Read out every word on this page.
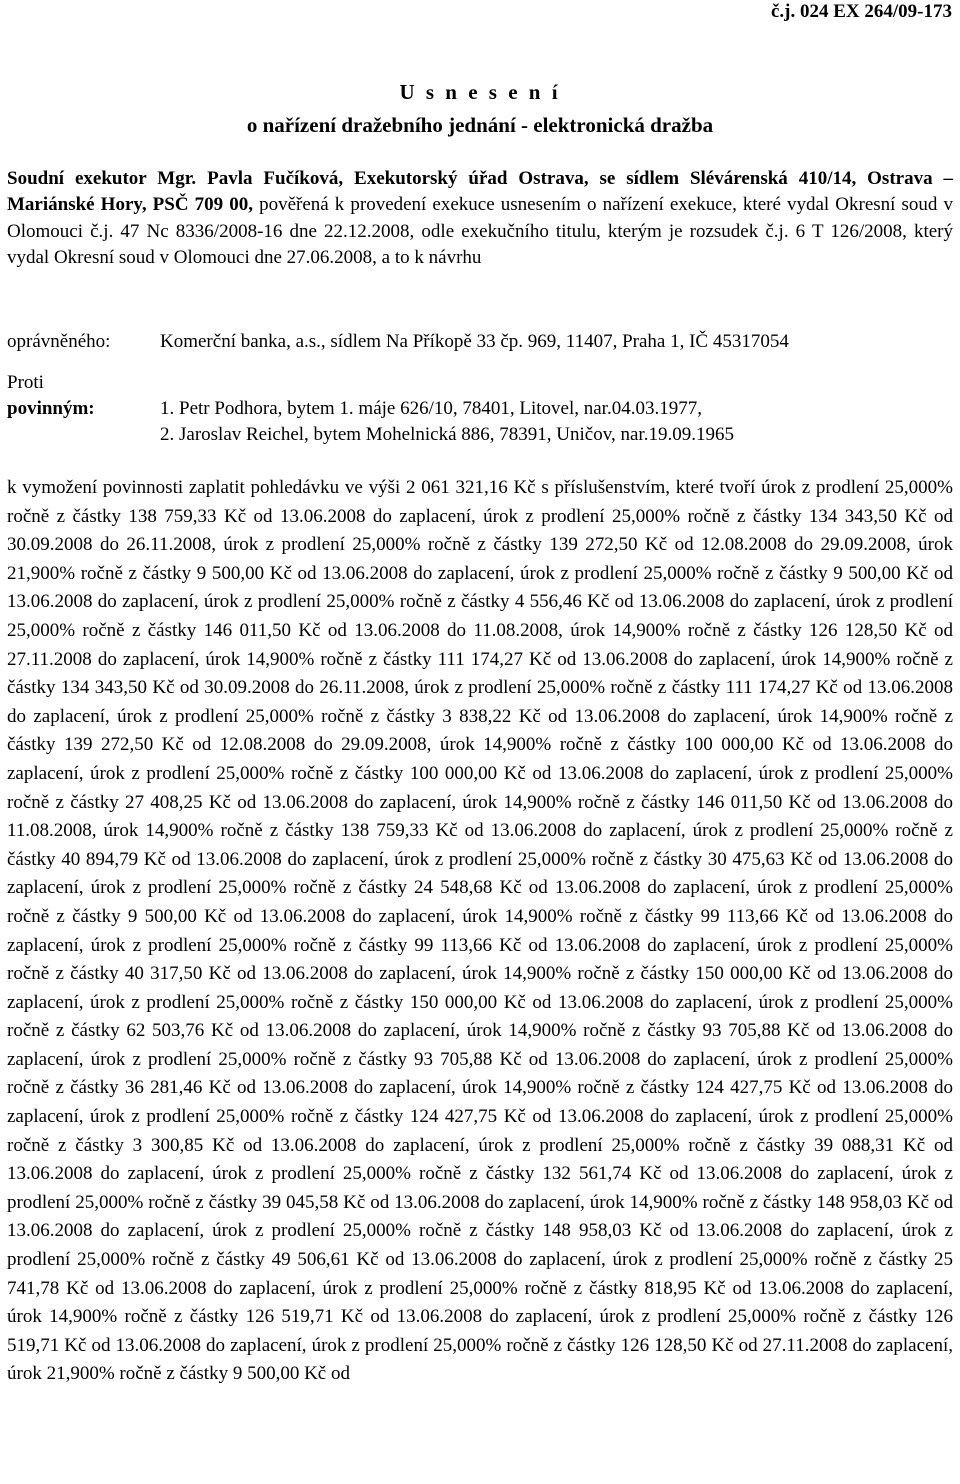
č.j. 024 EX 264/09-173
U s n e s e n í
o nařízení dražebního jednání - elektronická dražba
Soudní exekutor Mgr. Pavla Fučíková, Exekutorský úřad Ostrava, se sídlem Slévárenská 410/14, Ostrava – Mariánské Hory, PSČ 709 00, pověřená k provedení exekuce usnesením o nařízení exekuce, které vydal Okresní soud v Olomouci č.j. 47 Nc 8336/2008-16 dne 22.12.2008, odle exekučního titulu, kterým je rozsudek č.j. 6 T 126/2008, který vydal Okresní soud v Olomouci dne 27.06.2008, a to k návrhu
oprávněného:	Komerční banka, a.s., sídlem Na Příkopě 33 čp. 969, 11407, Praha 1, IČ 45317054
Proti
povinným:	1. Petr Podhora, bytem 1. máje 626/10, 78401, Litovel, nar.04.03.1977,
2. Jaroslav Reichel, bytem Mohelnická 886, 78391, Uničov, nar.19.09.1965
k vymožení povinnosti zaplatit pohledávku ve výši 2 061 321,16 Kč s příslušenstvím, které tvoří úrok z prodlení 25,000% ročně z částky 138 759,33 Kč od 13.06.2008 do zaplacení, úrok z prodlení 25,000% ročně z částky 134 343,50 Kč od 30.09.2008 do 26.11.2008, úrok z prodlení 25,000% ročně z částky 139 272,50 Kč od 12.08.2008 do 29.09.2008, úrok 21,900% ročně z částky 9 500,00 Kč od 13.06.2008 do zaplacení, úrok z prodlení 25,000% ročně z částky 9 500,00 Kč od 13.06.2008 do zaplacení, úrok z prodlení 25,000% ročně z částky 4 556,46 Kč od 13.06.2008 do zaplacení, úrok z prodlení 25,000% ročně z částky 146 011,50 Kč od 13.06.2008 do 11.08.2008, úrok 14,900% ročně z částky 126 128,50 Kč od 27.11.2008 do zaplacení, úrok 14,900% ročně z částky 111 174,27 Kč od 13.06.2008 do zaplacení, úrok 14,900% ročně z částky 134 343,50 Kč od 30.09.2008 do 26.11.2008, úrok z prodlení 25,000% ročně z částky 111 174,27 Kč od 13.06.2008 do zaplacení, úrok z prodlení 25,000% ročně z částky 3 838,22 Kč od 13.06.2008 do zaplacení, úrok 14,900% ročně z částky 139 272,50 Kč od 12.08.2008 do 29.09.2008, úrok 14,900% ročně z částky 100 000,00 Kč od 13.06.2008 do zaplacení, úrok z prodlení 25,000% ročně z částky 100 000,00 Kč od 13.06.2008 do zaplacení, úrok z prodlení 25,000% ročně z částky 27 408,25 Kč od 13.06.2008 do zaplacení, úrok 14,900% ročně z částky 146 011,50 Kč od 13.06.2008 do 11.08.2008, úrok 14,900% ročně z částky 138 759,33 Kč od 13.06.2008 do zaplacení, úrok z prodlení 25,000% ročně z částky 40 894,79 Kč od 13.06.2008 do zaplacení, úrok z prodlení 25,000% ročně z částky 30 475,63 Kč od 13.06.2008 do zaplacení, úrok z prodlení 25,000% ročně z částky 24 548,68 Kč od 13.06.2008 do zaplacení, úrok z prodlení 25,000% ročně z částky 9 500,00 Kč od 13.06.2008 do zaplacení, úrok 14,900% ročně z částky 99 113,66 Kč od 13.06.2008 do zaplacení, úrok z prodlení 25,000% ročně z částky 99 113,66 Kč od 13.06.2008 do zaplacení, úrok z prodlení 25,000% ročně z částky 40 317,50 Kč od 13.06.2008 do zaplacení, úrok 14,900% ročně z částky 150 000,00 Kč od 13.06.2008 do zaplacení, úrok z prodlení 25,000% ročně z částky 150 000,00 Kč od 13.06.2008 do zaplacení, úrok z prodlení 25,000% ročně z částky 62 503,76 Kč od 13.06.2008 do zaplacení, úrok 14,900% ročně z částky 93 705,88 Kč od 13.06.2008 do zaplacení, úrok z prodlení 25,000% ročně z částky 93 705,88 Kč od 13.06.2008 do zaplacení, úrok z prodlení 25,000% ročně z částky 36 281,46 Kč od 13.06.2008 do zaplacení, úrok 14,900% ročně z částky 124 427,75 Kč od 13.06.2008 do zaplacení, úrok z prodlení 25,000% ročně z částky 124 427,75 Kč od 13.06.2008 do zaplacení, úrok z prodlení 25,000% ročně z částky 3 300,85 Kč od 13.06.2008 do zaplacení, úrok z prodlení 25,000% ročně z částky 39 088,31 Kč od 13.06.2008 do zaplacení, úrok z prodlení 25,000% ročně z částky 132 561,74 Kč od 13.06.2008 do zaplacení, úrok z prodlení 25,000% ročně z částky 39 045,58 Kč od 13.06.2008 do zaplacení, úrok 14,900% ročně z částky 148 958,03 Kč od 13.06.2008 do zaplacení, úrok z prodlení 25,000% ročně z částky 148 958,03 Kč od 13.06.2008 do zaplacení, úrok z prodlení 25,000% ročně z částky 49 506,61 Kč od 13.06.2008 do zaplacení, úrok z prodlení 25,000% ročně z částky 25 741,78 Kč od 13.06.2008 do zaplacení, úrok z prodlení 25,000% ročně z částky 818,95 Kč od 13.06.2008 do zaplacení, úrok 14,900% ročně z částky 126 519,71 Kč od 13.06.2008 do zaplacení, úrok z prodlení 25,000% ročně z částky 126 519,71 Kč od 13.06.2008 do zaplacení, úrok z prodlení 25,000% ročně z částky 126 128,50 Kč od 27.11.2008 do zaplacení, úrok 21,900% ročně z částky 9 500,00 Kč od
